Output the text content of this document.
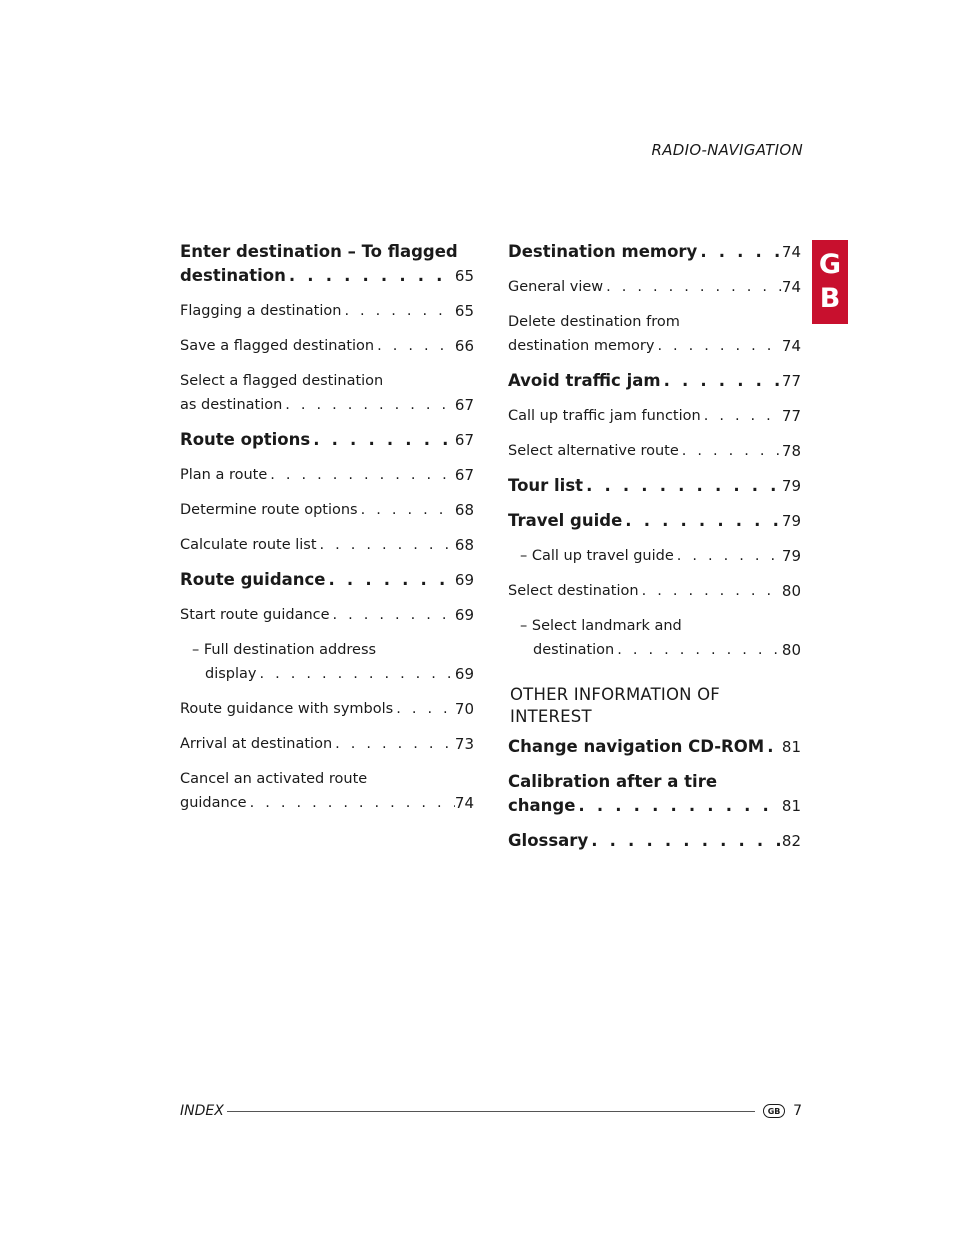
RADIO-NAVIGATION
G
B
Enter destination – To flagged
destination . . .	65
Flagging a destination . . .	65
Save a flagged destination . . .	66
Select a flagged destination
as destination . . .	67
Route options . . .	67
Plan a route . . .	67
Determine route options . . .	68
Calculate route list . . .	68
Route guidance . . .	69
Start route guidance . . .	69
– Full destination address
display . . .	69
Route guidance with symbols . . .	70
Arrival at destination . . .	73
Cancel an activated route
guidance . . .	74
Destination memory . . .	74
General view . . .	74
Delete destination from
destination memory . . .	74
Avoid traffic jam . . .	77
Call up traffic jam function . . .	77
Select alternative route . . .	78
Tour list . . .	79
Travel guide . . .	79
– Call up travel guide . . .	79
Select destination . . .	80
– Select landmark and
destination . . .	80
OTHER INFORMATION OF INTEREST
Change navigation CD-ROM . . . 81
Calibration after a tire
change . . .	81
Glossary . . .	82
INDEX	GB 7
